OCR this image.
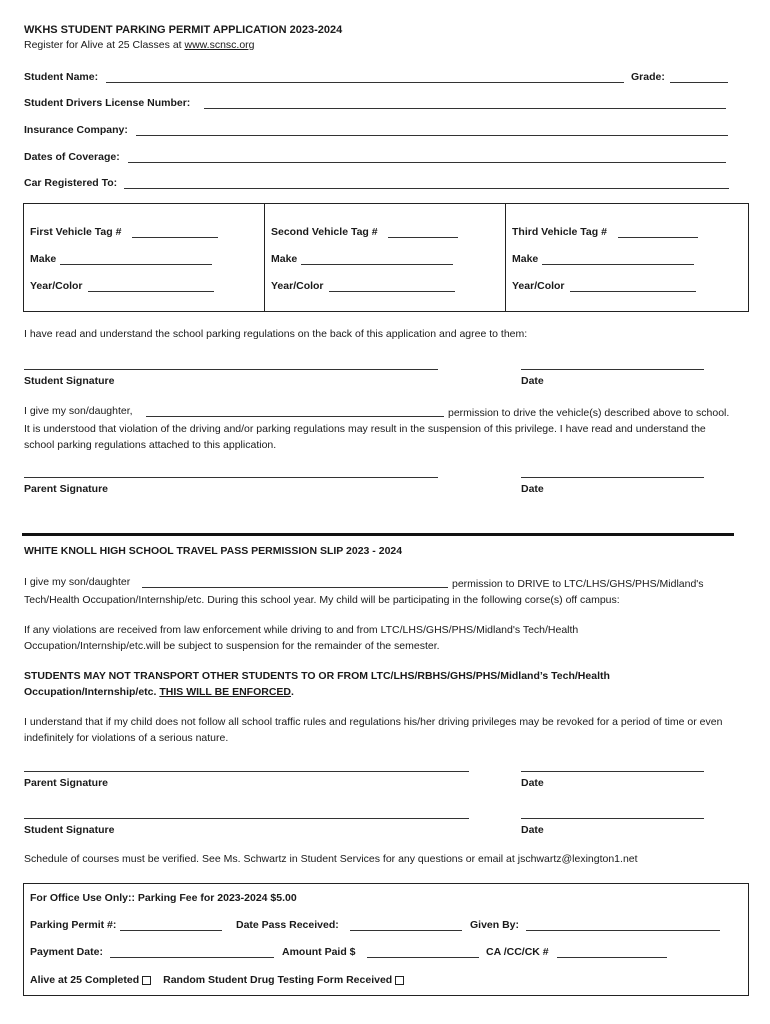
WKHS STUDENT PARKING PERMIT APPLICATION 2023-2024
Register for Alive at 25 Classes at www.scnsc.org
Student Name:	Grade:
Student Drivers License Number:
Insurance Company:
Dates of Coverage:
Car Registered To:
First Vehicle Tag #
Make
Year/Color
Second Vehicle Tag #
Make
Year/Color
Third Vehicle Tag #
Make
Year/Color
I have read and understand the school parking regulations on the back of this application and agree to them:
Student Signature	Date
I give my son/daughter,	permission to drive the vehicle(s) described above to school. It is understood that violation of the driving and/or parking regulations may result in the suspension of this privilege. I have read and understand the school parking regulations attached to this application.
Parent Signature	Date
WHITE KNOLL HIGH SCHOOL TRAVEL PASS PERMISSION SLIP 2023 - 2024
I give my son/daughter	permission to DRIVE to LTC/LHS/GHS/PHS/Midland's Tech/Health Occupation/Internship/etc. During this school year. My child will be participating in the following corse(s) off campus:
If any violations are received from law enforcement while driving to and from LTC/LHS/GHS/PHS/Midland's Tech/Health Occupation/Internship/etc.will be subject to suspension for the remainder of the semester.
STUDENTS MAY NOT TRANSPORT OTHER STUDENTS TO OR FROM LTC/LHS/RBHS/GHS/PHS/Midland’s Tech/Health Occupation/Internship/etc. THIS WILL BE ENFORCED.
I understand that if my child does not follow all school traffic rules and regulations his/her driving privileges may be revoked for a period of time or even indefinitely for violations of a serious nature.
Parent Signature	Date
Student Signature	Date
Schedule of courses must be verified. See Ms. Schwartz in Student Services for any questions or email at jschwartz@lexington1.net
For Office Use Only:: Parking Fee for 2023-2024 $5.00
Parking Permit #:	Date Pass Received:	Given By:
Payment Date:	Amount Paid $	CA /CC/CK #
Alive at 25 Completed Random Student Drug Testing Form Received
